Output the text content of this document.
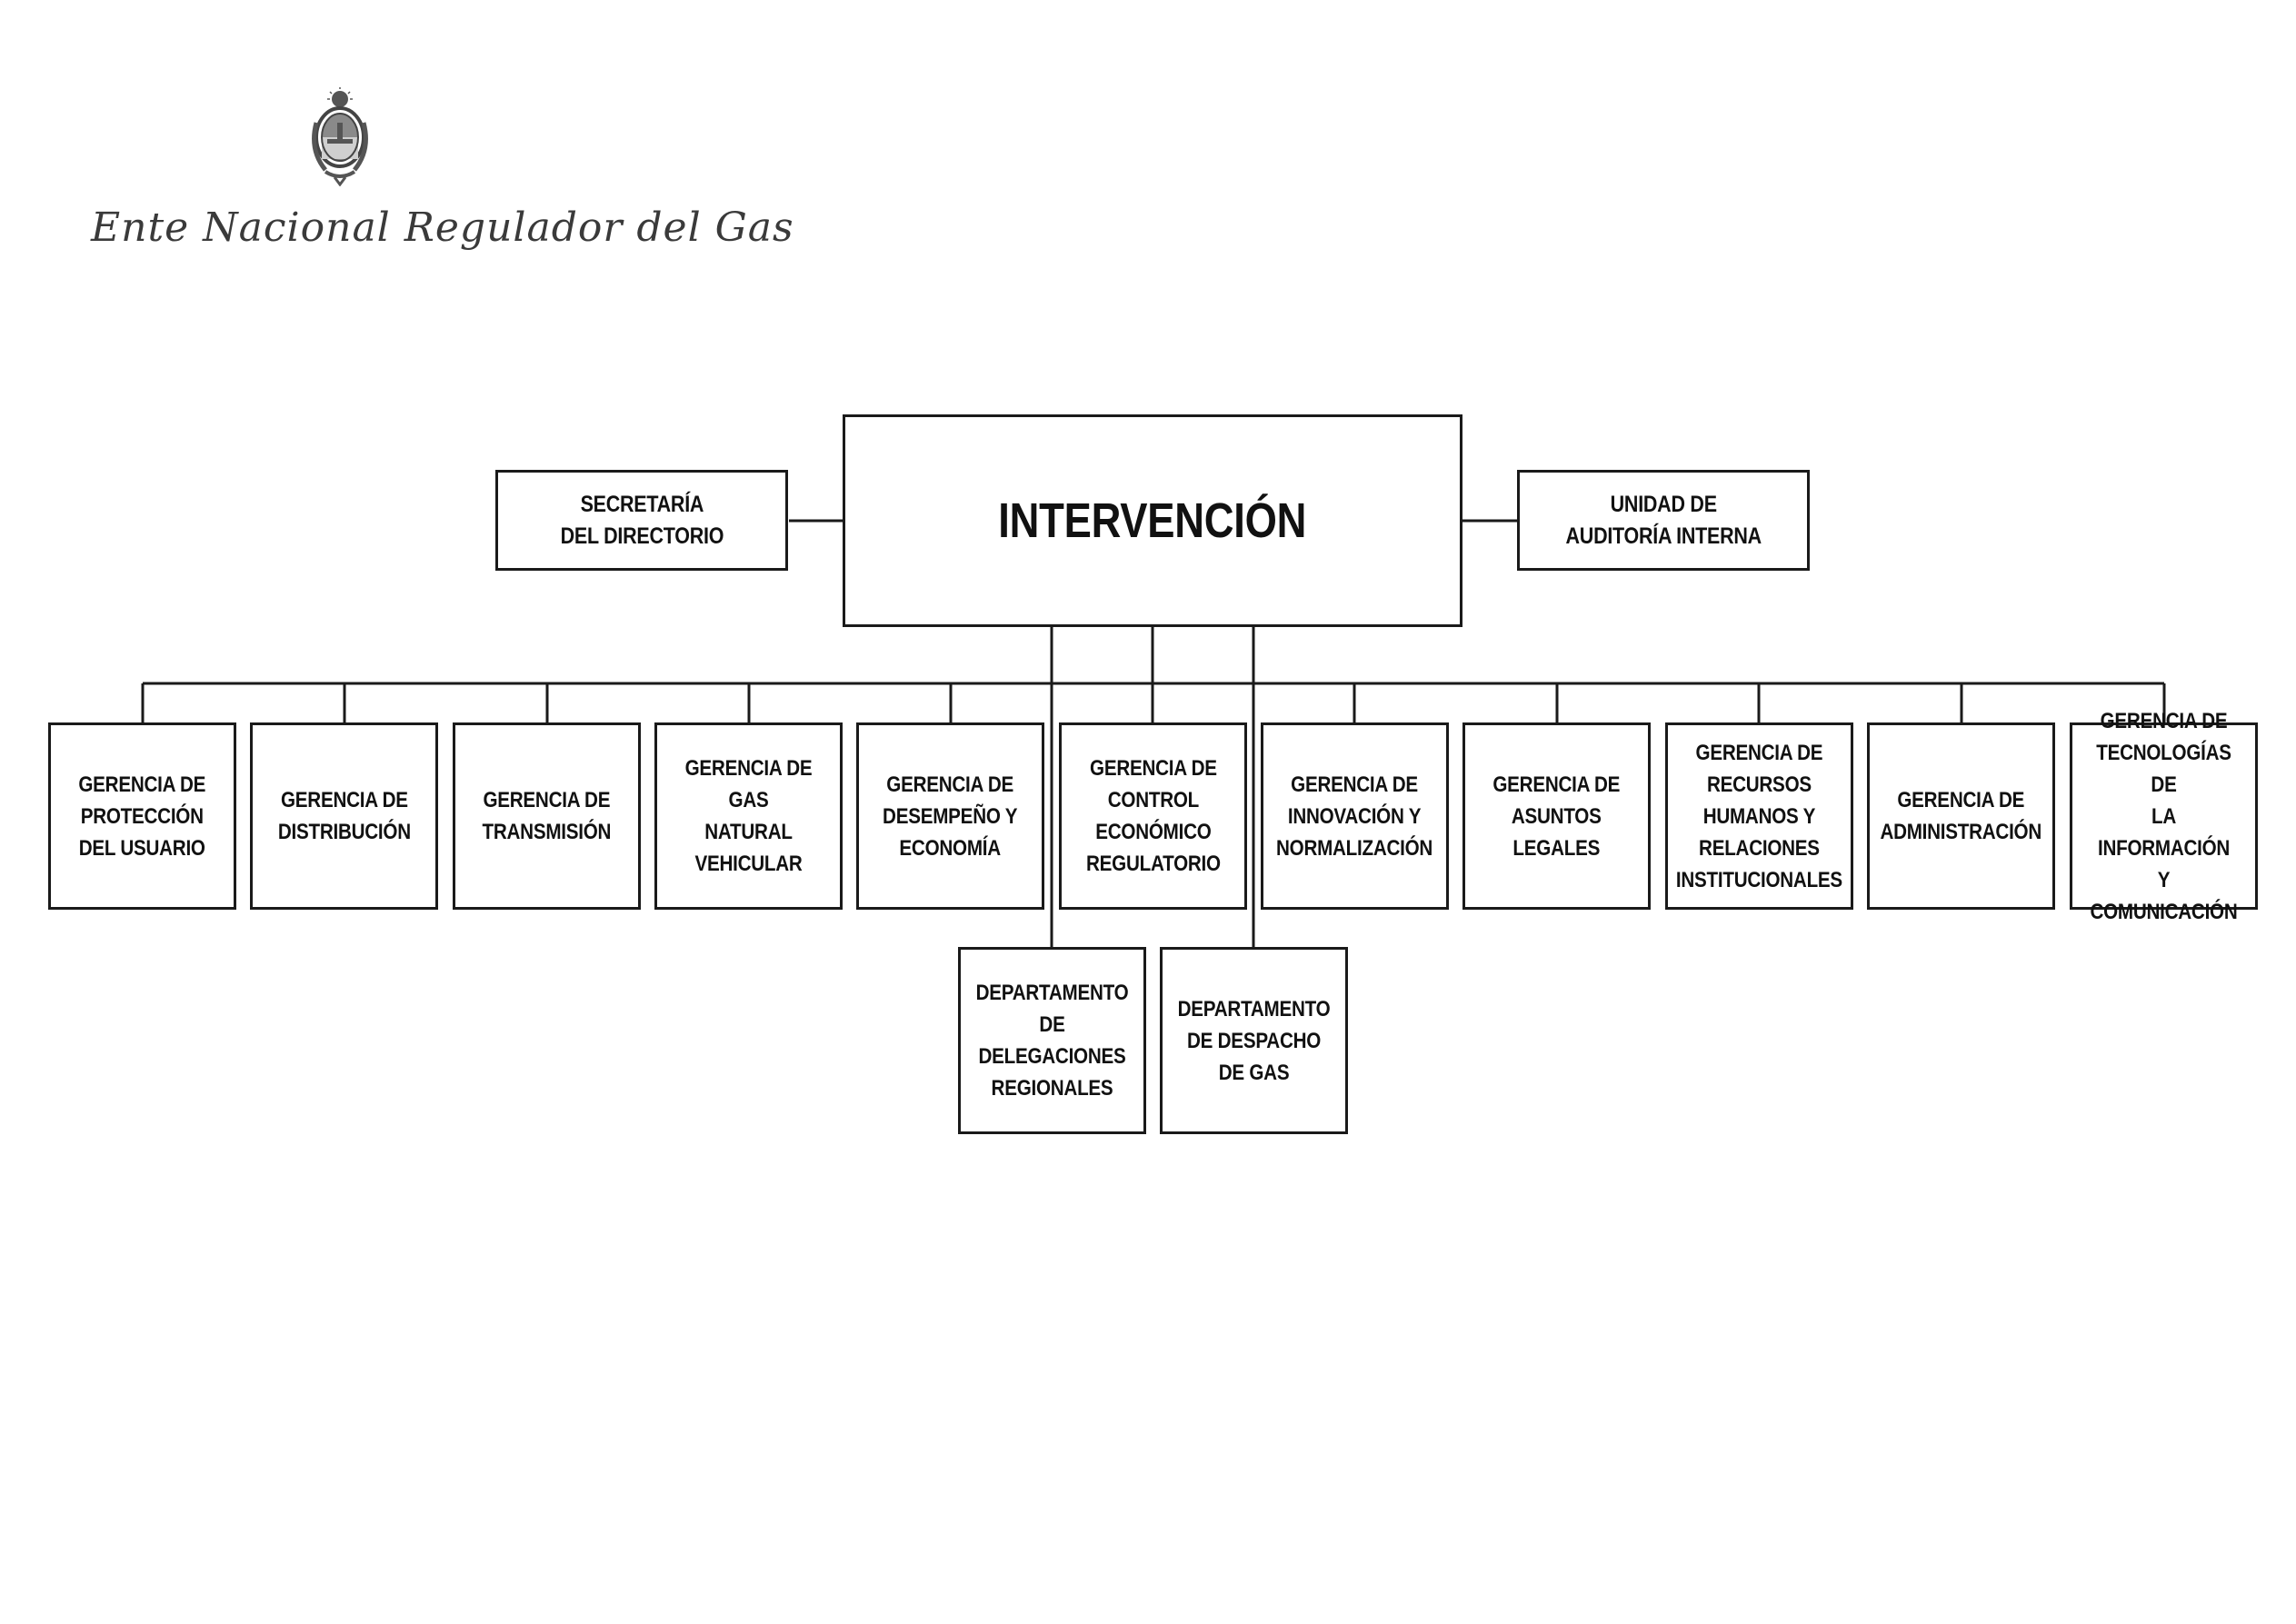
Ente Nacional Regulador del Gas
INTERVENCIÓN
SECRETARÍA
DEL DIRECTORIO
UNIDAD DE
AUDITORÍA INTERNA
GERENCIA DE
PROTECCIÓN
DEL USUARIO
GERENCIA DE
DISTRIBUCIÓN
GERENCIA DE
TRANSMISIÓN
GERENCIA DE GAS
NATURAL
VEHICULAR
GERENCIA DE
DESEMPEÑO Y
ECONOMÍA
GERENCIA DE
CONTROL
ECONÓMICO
REGULATORIO
GERENCIA DE
INNOVACIÓN Y
NORMALIZACIÓN
GERENCIA DE
ASUNTOS
LEGALES
GERENCIA DE
RECURSOS
HUMANOS Y
RELACIONES
INSTITUCIONALES
GERENCIA DE
ADMINISTRACIÓN
GERENCIA DE
TECNOLOGÍAS DE
LA INFORMACIÓN
Y COMUNICACIÓN
DEPARTAMENTO
DE DELEGACIONES
REGIONALES
DEPARTAMENTO
DE DESPACHO
DE GAS
